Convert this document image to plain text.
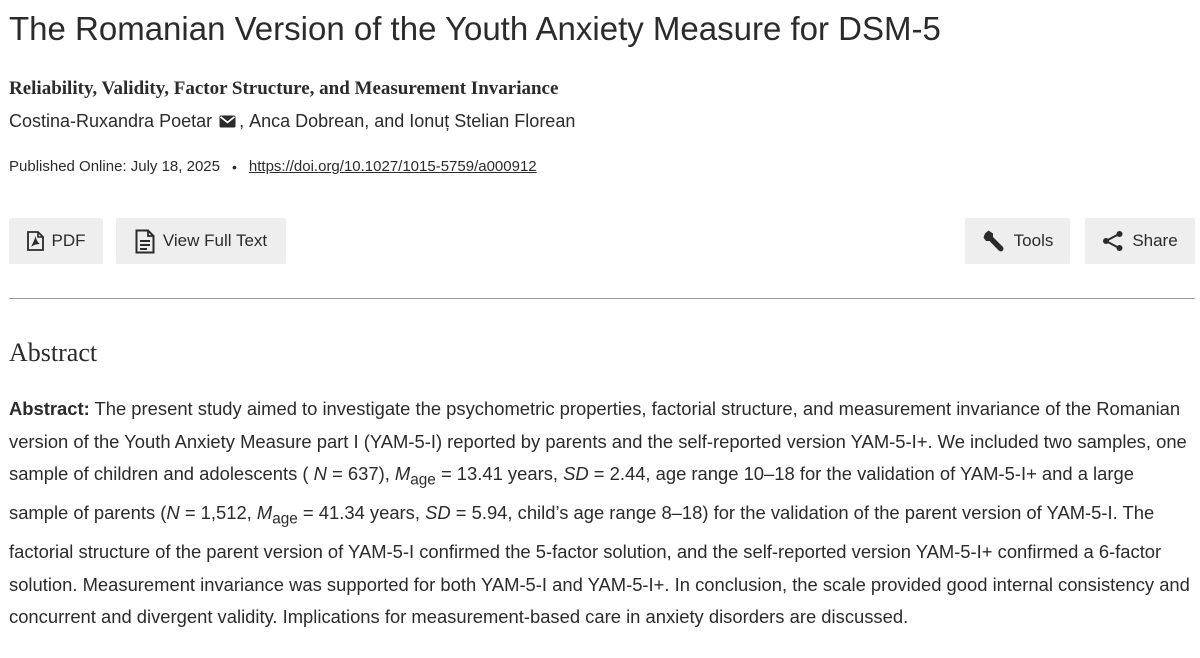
The Romanian Version of the Youth Anxiety Measure for DSM-5
Reliability, Validity, Factor Structure, and Measurement Invariance
Costina-Ruxandra Poetar , Anca Dobrean, and Ionuț Stelian Florean
Published Online: July 18, 2025 • https://doi.org/10.1027/1015-5759/a000912
PDF	View Full Text	Tools	Share
Abstract

Abstract: The present study aimed to investigate the psychometric properties, factorial structure, and measurement invariance of the Romanian version of the Youth Anxiety Measure part I (YAM-5-I) reported by parents and the self-reported version YAM-5-I+. We included two samples, one sample of children and adolescents ( N = 637), $M_{age} = 13.41$ years, SD = 2.44, age range 10–18 for the validation of YAM-5-I+ and a large sample of parents (N = 1,512, $M_{age} = 41.34$ years, SD = 5.94, child’s age range 8–18) for the validation of the parent version of YAM-5-I. The factorial structure of the parent version of YAM-5-I confirmed the 5-factor solution, and the self-reported version YAM-5-I+ confirmed a 6-factor solution. Measurement invariance was supported for both YAM-5-I and YAM-5-I+. In conclusion, the scale provided good internal consistency and concurrent and divergent validity. Implications for measurement-based care in anxiety disorders are discussed.
